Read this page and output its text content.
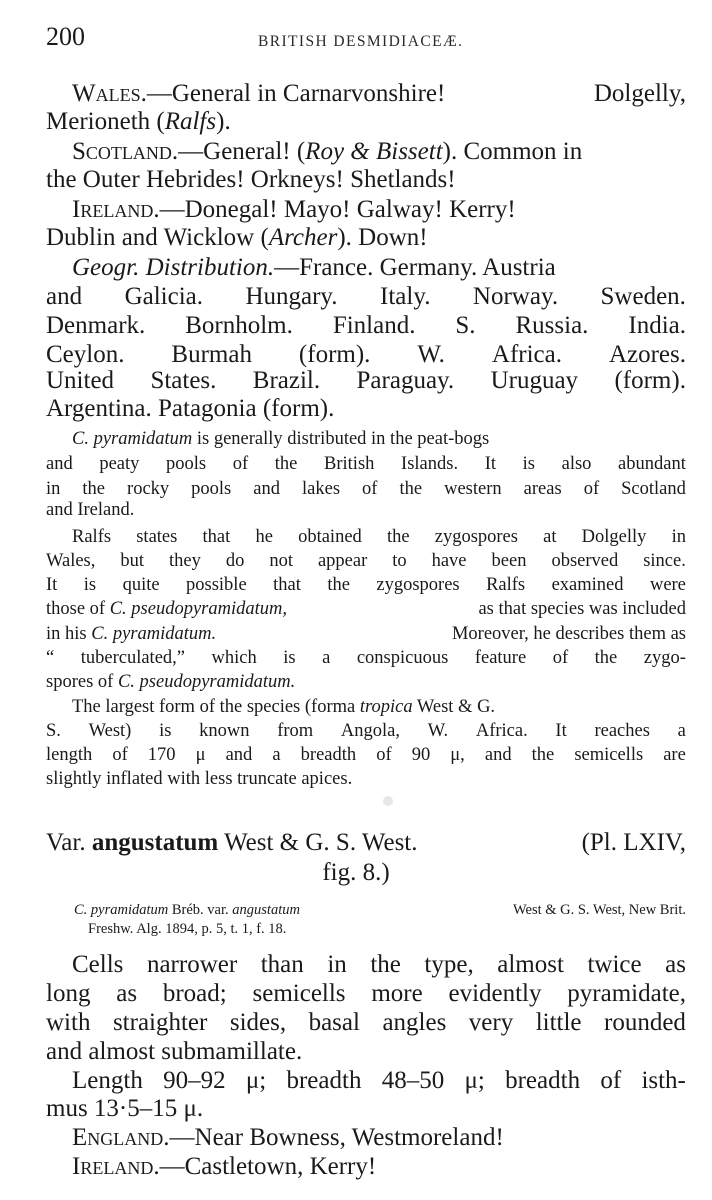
200	BRITISH DESMIDIACEÆ.
Wales.—General in Carnarvonshire!	Dolgelly,
Merioneth (Ralfs).
Scotland.—General! (Roy & Bissett). Common in
the Outer Hebrides! Orkneys! Shetlands!
Ireland.—Donegal! Mayo! Galway! Kerry!
Dublin and Wicklow (Archer). Down!
Geogr. Distribution.—France. Germany. Austria
and Galicia. Hungary. Italy. Norway. Sweden.
Denmark. Bornholm. Finland. S. Russia. India.
Ceylon. Burmah (form). W. Africa. Azores.
United States. Brazil. Paraguay. Uruguay (form).
Argentina. Patagonia (form).
C. pyramidatum is generally distributed in the peat-bogs
and peaty pools of the British Islands. It is also abundant
in the rocky pools and lakes of the western areas of Scotland
and Ireland.
Ralfs states that he obtained the zygospores at Dolgelly in
Wales, but they do not appear to have been observed since.
It is quite possible that the zygospores Ralfs examined were
those of C. pseudopyramidatum,	as that species was included
in his C. pyramidatum.	Moreover, he describes them as
“ tuberculated,” which is a conspicuous feature of the zygo-
spores of C. pseudopyramidatum.
The largest form of the species (forma tropica West & G.
S. West) is known from Angola, W. Africa. It reaches a
length of 170 μ and a breadth of 90 μ, and the semicells are
slightly inflated with less truncate apices.
Var. angustatum West & G. S. West.	(Pl. LXIV,
fig. 8.)
C. pyramidatum Bréb. var. angustatum	West & G. S. West, New Brit.
Freshw. Alg. 1894, p. 5, t. 1, f. 18.
Cells narrower than in the type, almost twice as
long as broad; semicells more evidently pyramidate,
with straighter sides, basal angles very little rounded
and almost submamillate.
Length 90–92 μ; breadth 48–50 μ; breadth of isth-
mus 13·5–15 μ.
England.—Near Bowness, Westmoreland!
Ireland.—Castletown, Kerry!
